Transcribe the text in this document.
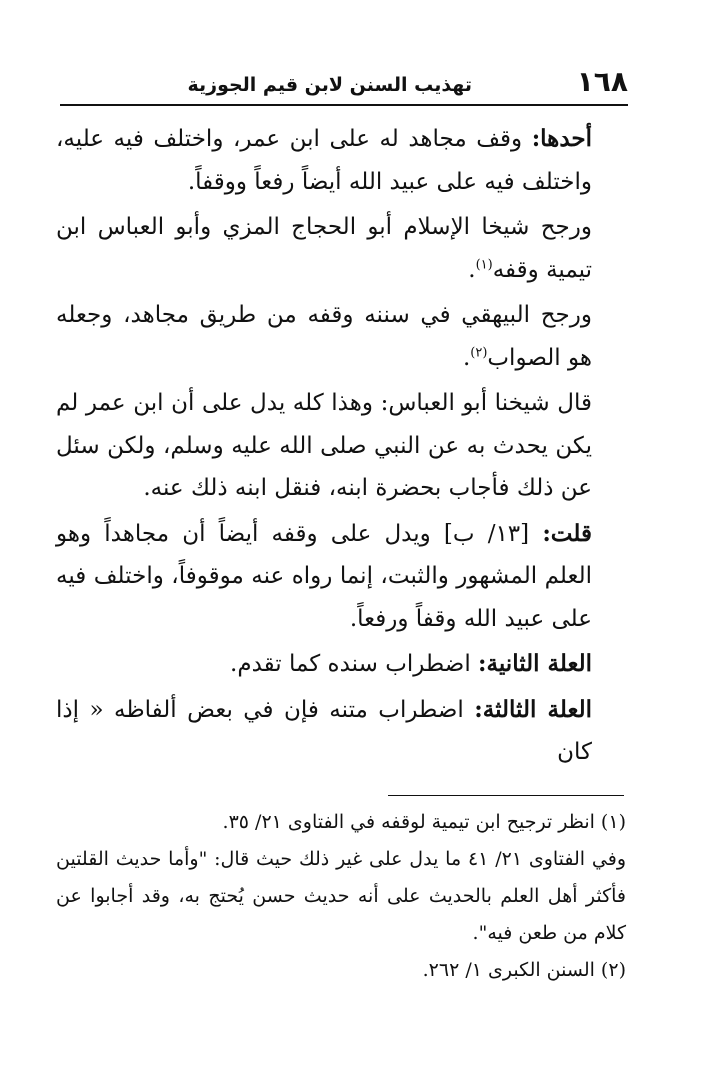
١٦٨
تهذيب السنن لابن قيم الجوزية

أحدها: وقف مجاهد له على ابن عمر، واختلف فيه عليه، واختلف فيه على عبيد الله أيضاً رفعاً ووقفاً.

ورجح شيخا الإسلام أبو الحجاج المزي وأبو العباس ابن تيمية وقفه$^{(١)}$.

ورجح البيهقي في سننه وقفه من طريق مجاهد، وجعله هو الصواب$^{(٢)}$.

قال شيخنا أبو العباس: وهذا كله يدل على أن ابن عمر لم يكن يحدث به عن النبي صلى الله عليه وسلم، ولكن سئل عن ذلك فأجاب بحضرة ابنه، فنقل ابنه ذلك عنه.

قلت: [١٣/ ب] ويدل على وقفه أيضاً أن مجاهداً وهو العلم المشهور والثبت، إنما رواه عنه موقوفاً، واختلف فيه على عبيد الله وقفاً ورفعاً.

العلة الثانية: اضطراب سنده كما تقدم.

العلة الثالثة: اضطراب متنه فإن في بعض ألفاظه « إذا كان

(١) انظر ترجيح ابن تيمية لوقفه في الفتاوى ٢١/ ٣٥.

وفي الفتاوى ٢١/ ٤١ ما يدل على غير ذلك حيث قال: "وأما حديث القلتين فأكثر أهل العلم بالحديث على أنه حديث حسن يُحتج به، وقد أجابوا عن كلام من طعن فيه".

(٢) السنن الكبرى ١/ ٢٦٢.
